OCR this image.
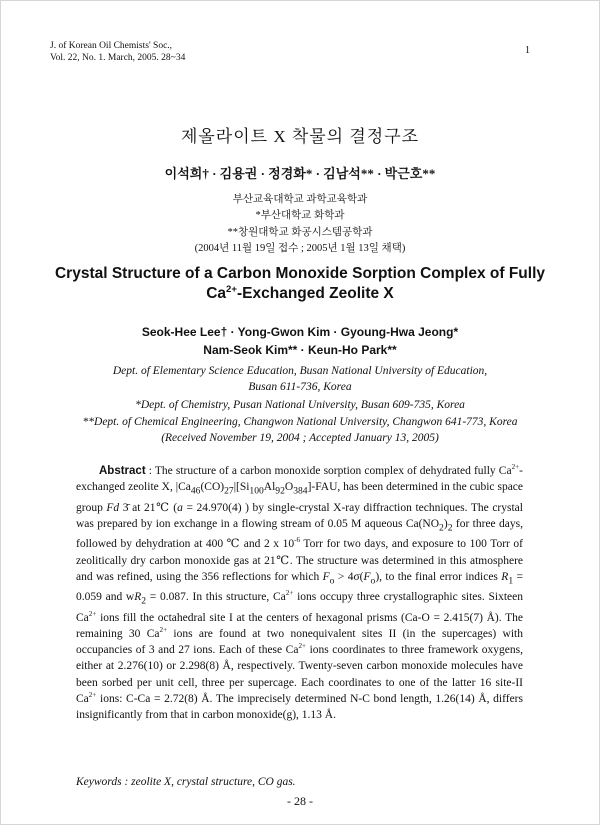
J. of Korean Oil Chemists' Soc.,
Vol. 22, No. 1. March, 2005. 28~34
1
제올라이트 X 착물의 결정구조
이석희† · 김용권 · 정경화* · 김남석** · 박근호**
부산교육대학교 과학교육학과
*부산대학교 화학과
**창원대학교 화공시스템공학과
(2004년 11월 19일 접수 ; 2005년 1월 13일 채택)
Crystal Structure of a Carbon Monoxide Sorption Complex of Fully
$Ca^{2+}$-Exchanged Zeolite X
Seok-Hee Lee† · Yong-Gwon Kim · Gyoung-Hwa Jeong*
Nam-Seok Kim** · Keun-Ho Park**
Dept. of Elementary Science Education, Busan National University of Education,
Busan 611-736, Korea
*Dept. of Chemistry, Pusan National University, Busan 609-735, Korea
**Dept. of Chemical Engineering, Changwon National University, Changwon 641-773, Korea
(Received November 19, 2004 ; Accepted January 13, 2005)
  Abstract : The structure of a carbon monoxide sorption complex of dehydrated fully $Ca^{2+}$-exchanged zeolite X, $|Ca_{46}(CO)_{27}|[Si_{100}Al_{92}O_{384}]$-FAU, has been determined in the cubic space group Fd 3̄ at 21℃ (a = 24.970(4) ) by single-crystal X-ray diffraction techniques. The crystal was prepared by ion exchange in a flowing stream of 0.05 M aqueous $Ca(NO_2)_2$ for three days, followed by dehydration at 400 ℃ and 2 x $10^{-6}$ Torr for two days, and exposure to 100 Torr of zeolitically dry carbon monoxide gas at 21℃. The structure was determined in this atmosphere and was refined, using the 356 reflections for which $F_o > 4\sigma(F_o)$, to the final error indices $R_1 = 0.059$ and $wR_2 = 0.087$. In this structure, $Ca^{2+}$ ions occupy three crystallographic sites. Sixteen $Ca^{2+}$ ions fill the octahedral site I at the centers of hexagonal prisms (Ca-O = 2.415(7) Å). The remaining 30 $Ca^{2+}$ ions are found at two nonequivalent sites II (in the supercages) with occupancies of 3 and 27 ions. Each of these $Ca^{2+}$ ions coordinates to three framework oxygens, either at 2.276(10) or 2.298(8) Å, respectively. Twenty-seven carbon monoxide molecules have been sorbed per unit cell, three per supercage. Each coordinates to one of the latter 16 site-II $Ca^{2+}$ ions: C-Ca = 2.72(8) Å. The imprecisely determined N-C bond length, 1.26(14) Å, differs insignificantly from that in carbon monoxide(g), 1.13 Å.
Keywords : zeolite X, crystal structure, CO gas.
- 28 -
